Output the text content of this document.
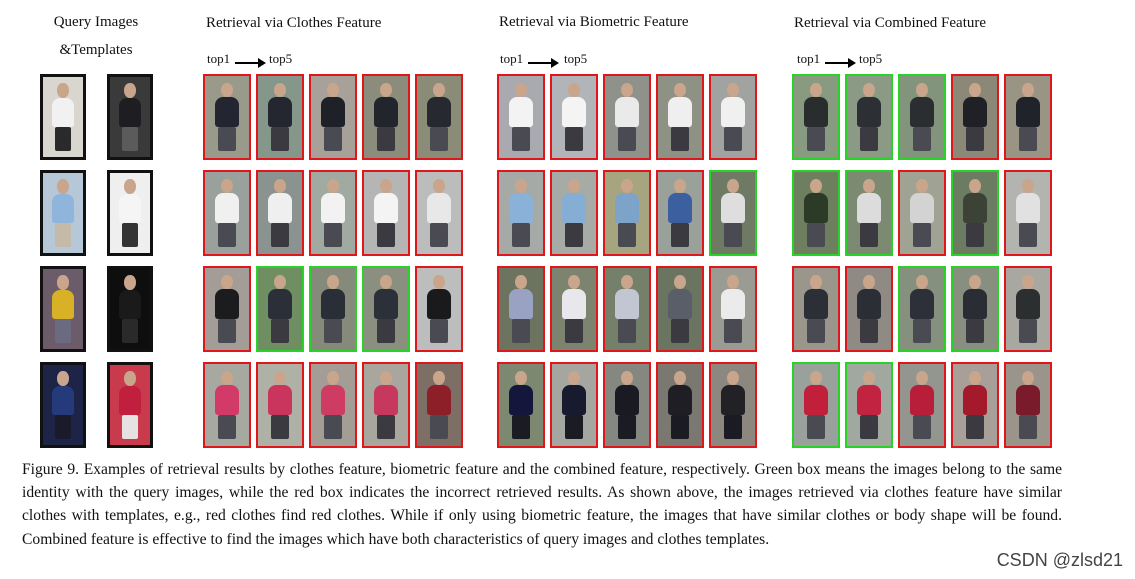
Query Images
&Templates
Retrieval via Clothes Feature	Retrieval via Biometric Feature	Retrieval via Combined Feature
top1	top5	top1	top5	top1	top5
Figure 9. Examples of retrieval results by clothes feature, biometric feature and the combined feature, respectively. Green box means the images belong to the same identity with the query images, while the red box indicates the incorrect retrieved results. As shown above, the images retrieved via clothes feature have similar clothes with templates, e.g., red clothes find red clothes. While if only using biometric feature, the images that have similar clothes or body shape will be found. Combined feature is effective to find the images which have both characteristics of query images and clothes templates.
CSDN @zlsd21
